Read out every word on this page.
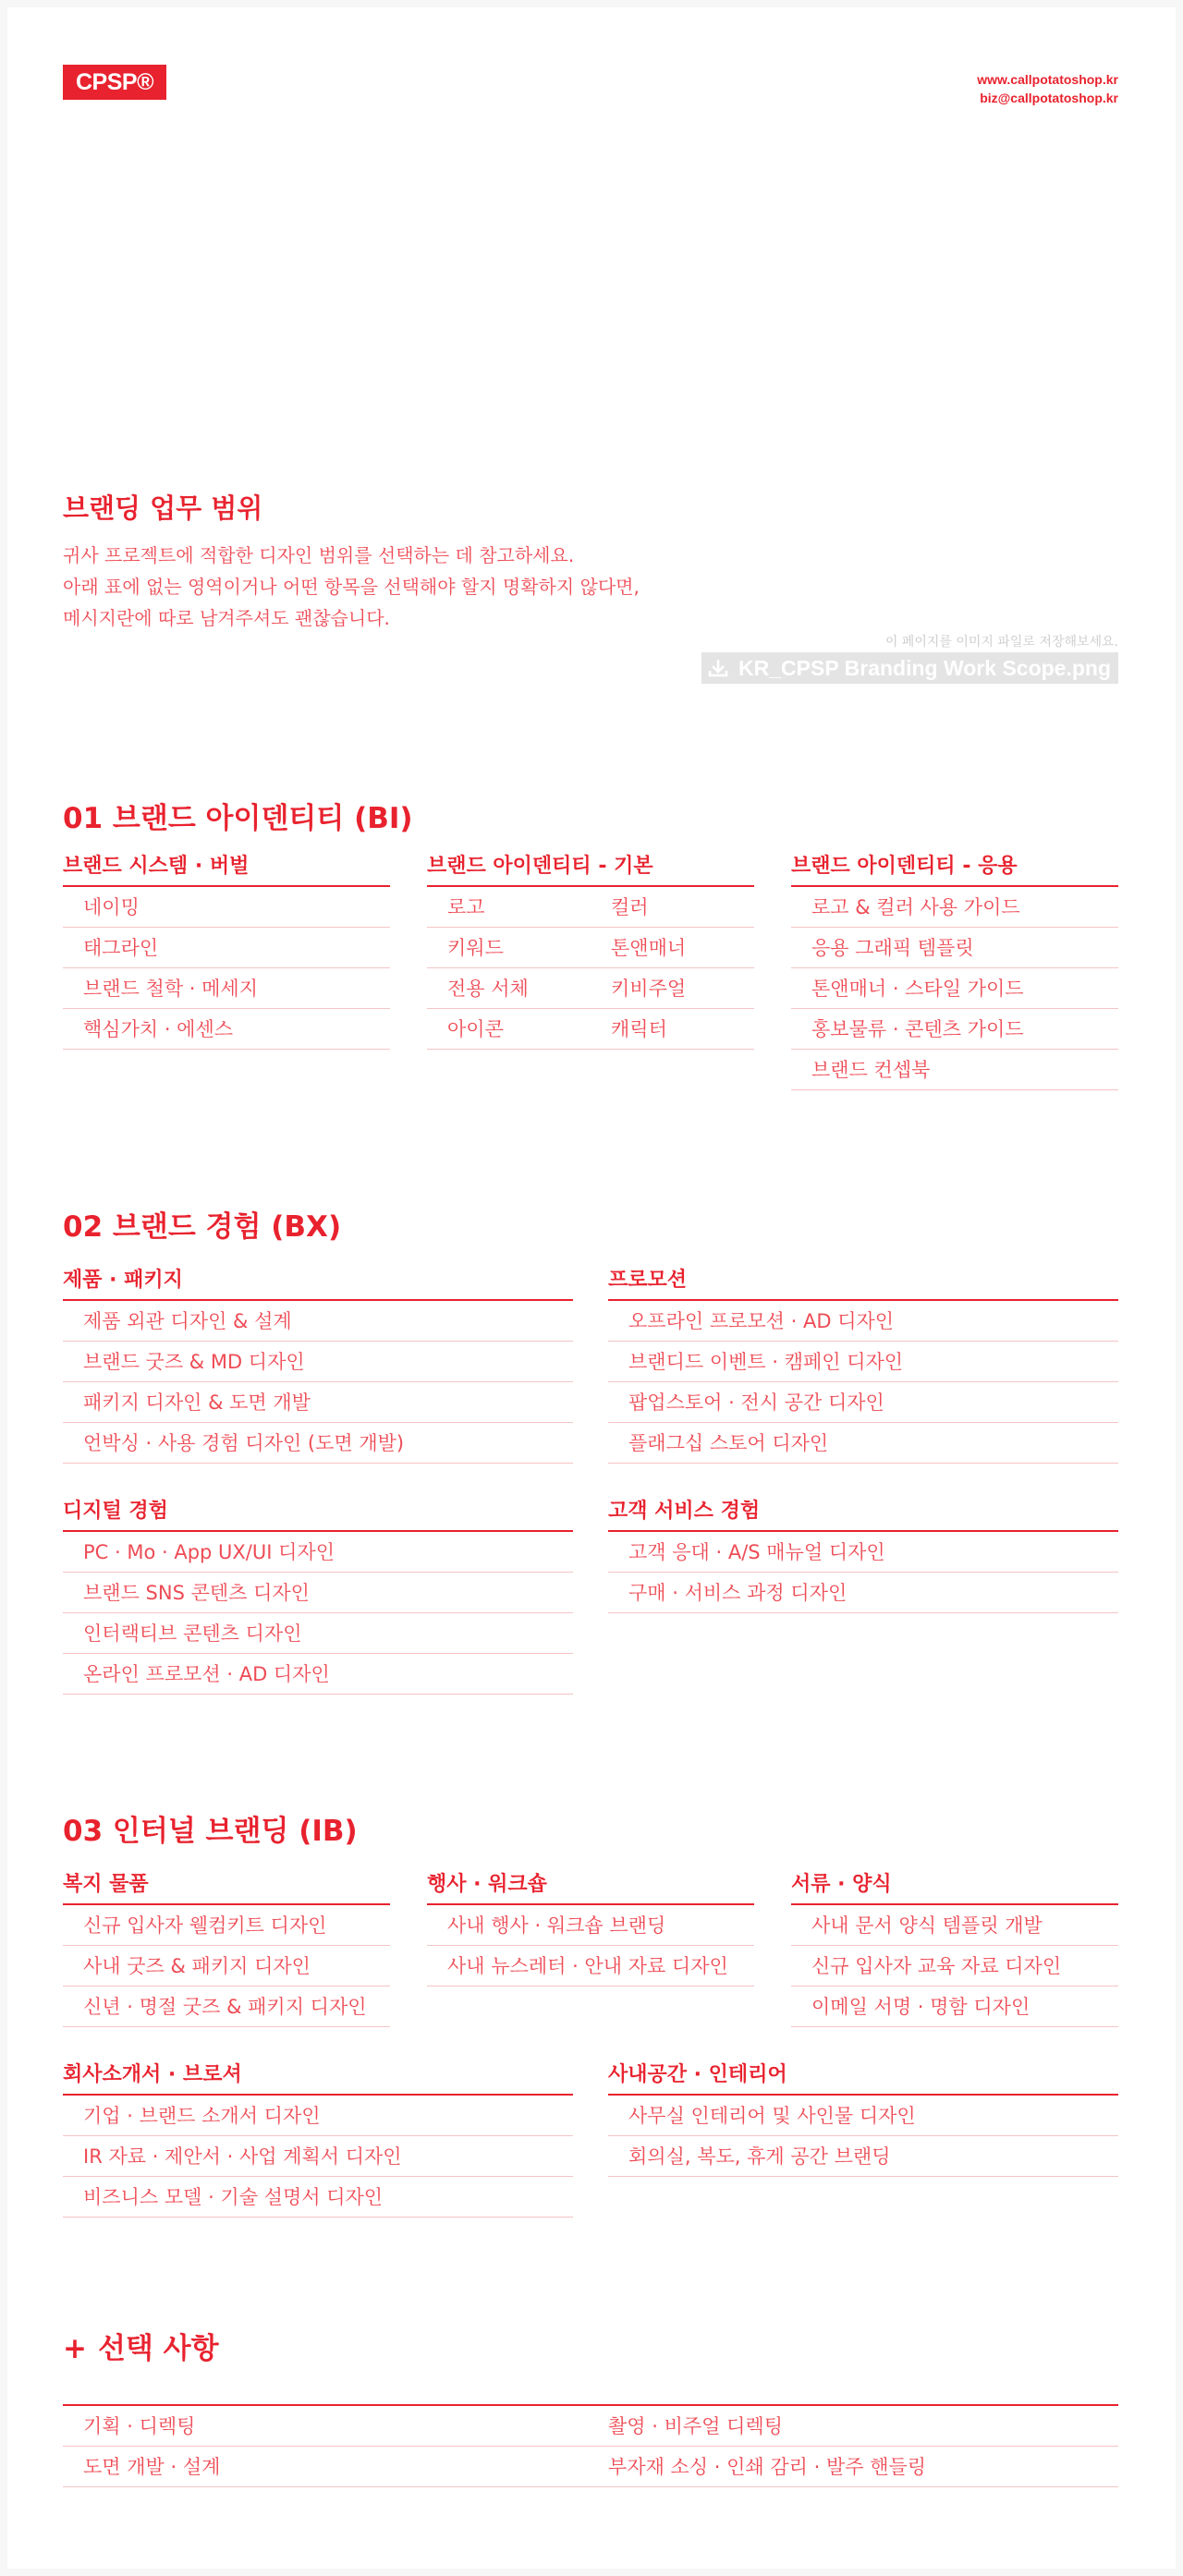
CPSP®	www.callpotatoshop.kr
biz@callpotatoshop.kr
브랜딩 업무 범위
귀사 프로젝트에 적합한 디자인 범위를 선택하는 데 참고하세요.
아래 표에 없는 영역이거나 어떤 항목을 선택해야 할지 명확하지 않다면,
메시지란에 따로 남겨주셔도 괜찮습니다.
이 페이지를 이미지 파일로 저장해보세요.
KR_CPSP Branding Work Scope.png
01 브랜드 아이덴티티 (BI)
브랜드 시스템 · 버벌
네이밍
태그라인
브랜드 철학 · 메세지
핵심가치 · 에센스
브랜드 아이덴티티 - 기본
로고	컬러
키워드	톤앤매너
전용 서체	키비주얼
아이콘	캐릭터
브랜드 아이덴티티 - 응용
로고 & 컬러 사용 가이드
응용 그래픽 템플릿
톤앤매너 · 스타일 가이드
홍보물류 · 콘텐츠 가이드
브랜드 컨셉북
02 브랜드 경험 (BX)
제품 · 패키지
제품 외관 디자인 & 설계
브랜드 굿즈 & MD 디자인
패키지 디자인 & 도면 개발
언박싱 · 사용 경험 디자인 (도면 개발)
프로모션
오프라인 프로모션 · AD 디자인
브랜디드 이벤트 · 캠페인 디자인
팝업스토어 · 전시 공간 디자인
플래그십 스토어 디자인
디지털 경험
PC · Mo · App UX/UI 디자인
브랜드 SNS 콘텐츠 디자인
인터랙티브 콘텐츠 디자인
온라인 프로모션 · AD 디자인
고객 서비스 경험
고객 응대 · A/S 매뉴얼 디자인
구매 · 서비스 과정 디자인
03 인터널 브랜딩 (IB)
복지 물품
신규 입사자 웰컴키트 디자인
사내 굿즈 & 패키지 디자인
신년 · 명절 굿즈 & 패키지 디자인
행사 · 워크숍
사내 행사 · 워크숍 브랜딩
사내 뉴스레터 · 안내 자료 디자인
서류 · 양식
사내 문서 양식 템플릿 개발
신규 입사자 교육 자료 디자인
이메일 서명 · 명함 디자인
회사소개서 · 브로셔
기업 · 브랜드 소개서 디자인
IR 자료 · 제안서 · 사업 계획서 디자인
비즈니스 모델 · 기술 설명서 디자인
사내공간 · 인테리어
사무실 인테리어 및 사인물 디자인
회의실, 복도, 휴게 공간 브랜딩
+ 선택 사항
기획 · 디렉팅	촬영 · 비주얼 디렉팅
도면 개발 · 설계	부자재 소싱 · 인쇄 감리 · 발주 핸들링
